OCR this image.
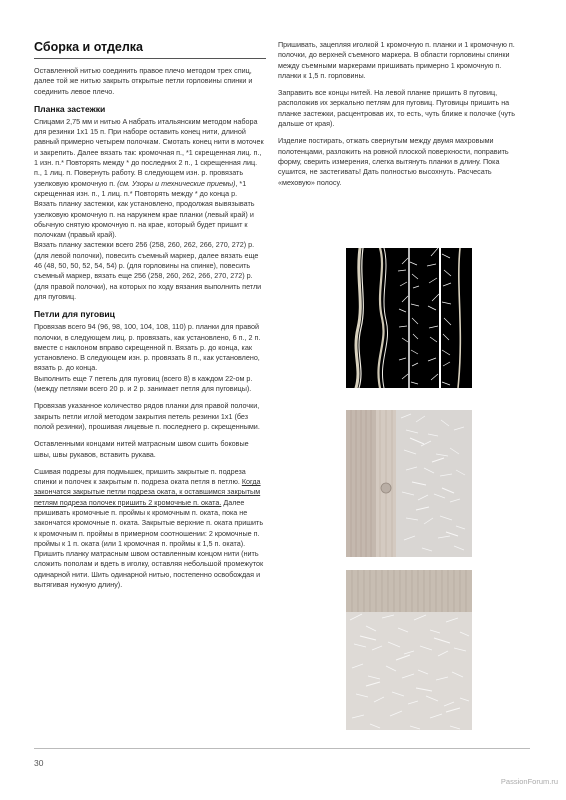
Сборка и отделка

Оставленной нитью соединить правое плечо методом трех спиц, далее той же нитью закрыть открытые петли горловины спинки и соединить левое плечо.

Планка застежки

Спицами 2,75 мм и нитью A набрать итальянским методом набора для резинки 1x1 15 п. При наборе оставить конец нити, длиной равный примерно четырем полочкам. Смотать конец нити в моточек и закрепить. Далее вязать так: кромочная п., *1 скрещенная лиц. п., 1 изн. п.* Повторять между * до последних 2 п., 1 скрещенная лиц. п., 1 лиц. п. Повернуть работу. В следующем изн. р. провязать узелковую кромочную п. (см. Узоры и технические приемы), *1 скрещенная изн. п., 1 лиц. п.* Повторять между * до конца р.

Вязать планку застежки, как установлено, продолжая вывязывать узелковую кромочную п. на наружнем крае планки (левый край) и обычную снятую кромочную п. на крае, который будет пришит к полочкам (правый край).

Вязать планку застежки всего 256 (258, 260, 262, 266, 270, 272) р. (для левой полочки), повесить съемный маркер, далее вязать еще 46 (48, 50, 50, 52, 54, 54) р. (для горловины на спинке), повесить съемный маркер, вязать еще 256 (258, 260, 262, 266, 270, 272) р. (для правой полочки), на которых по ходу вязания выполнить петли для пуговиц.

Петли для пуговиц

Провязав всего 94 (96, 98, 100, 104, 108, 110) р. планки для правой полочки, в следующем лиц. р. провязать, как установлено, 6 п., 2 п. вместе с наклоном вправо скрещенной п. Вязать р. до конца, как установлено. В следующем изн. р. провязать 8 п., как установлено, вязать р. до конца.

Выполнить еще 7 петель для пуговиц (всего 8) в каждом 22-ом р. (между петлями всего 20 р. и 2 р. занимает петля для пуговицы).

Провязав указанное количество рядов планки для правой полочки, закрыть петли иглой методом закрытия петель резинки 1x1 (без полой резинки), прошивая лицевые п. последнего р. скрещенными.

Оставленными концами нитей матрасным швом сшить боковые швы, швы рукавов, вставить рукава.

Сшивая подрезы для подмышек, пришить закрытые п. подреза спинки и полочек к закрытым п. подреза оката петля в петлю. Когда закончатся закрытые петли подреза оката, к оставшимся закрытым петлям подреза полочек пришить 2 кромочные п. оката. Далее пришивать кромочные п. проймы к кромочным п. оката, пока не закончатся кромочные п. оката. Закрытые верхние п. оката пришить к кромочным п. проймы в примерном соотношении: 2 кромочные п. проймы к 1 п. оката (или 1 кромочная п. проймы к 1,5 п. оката). Пришить планку матрасным швом оставленным концом нити (нить сложить пополам и вдеть в иголку, оставляя небольшой промежуток одинарной нити. Шить одинарной нитью, постепенно освобождая и вытягивая нужную длину).

Пришивать, зацепляя иголкой 1 кромочную п. планки и 1 кромочную п. полочки, до верхней съемного маркера. В области горловины спинки между съемными маркерами пришивать примерно 1 кромочную п. планки к 1,5 п. горловины.

Заправить все концы нитей. На левой планке пришить 8 пуговиц, расположив их зеркально петлям для пуговиц. Пуговицы пришить на планке застежки, расцентровав их, то есть, чуть ближе к полочке (чуть дальше от края).

Изделие постирать, отжать свернутым между двумя махровыми полотенцами, разложить на ровной плоской поверхности, поправить форму, сверить измерения, слегка вытянуть планки в длину. Пока сушится, не застегивать! Дать полностью высохнуть. Расчесать «меховую» полосу.

30
PassionForum.ru
